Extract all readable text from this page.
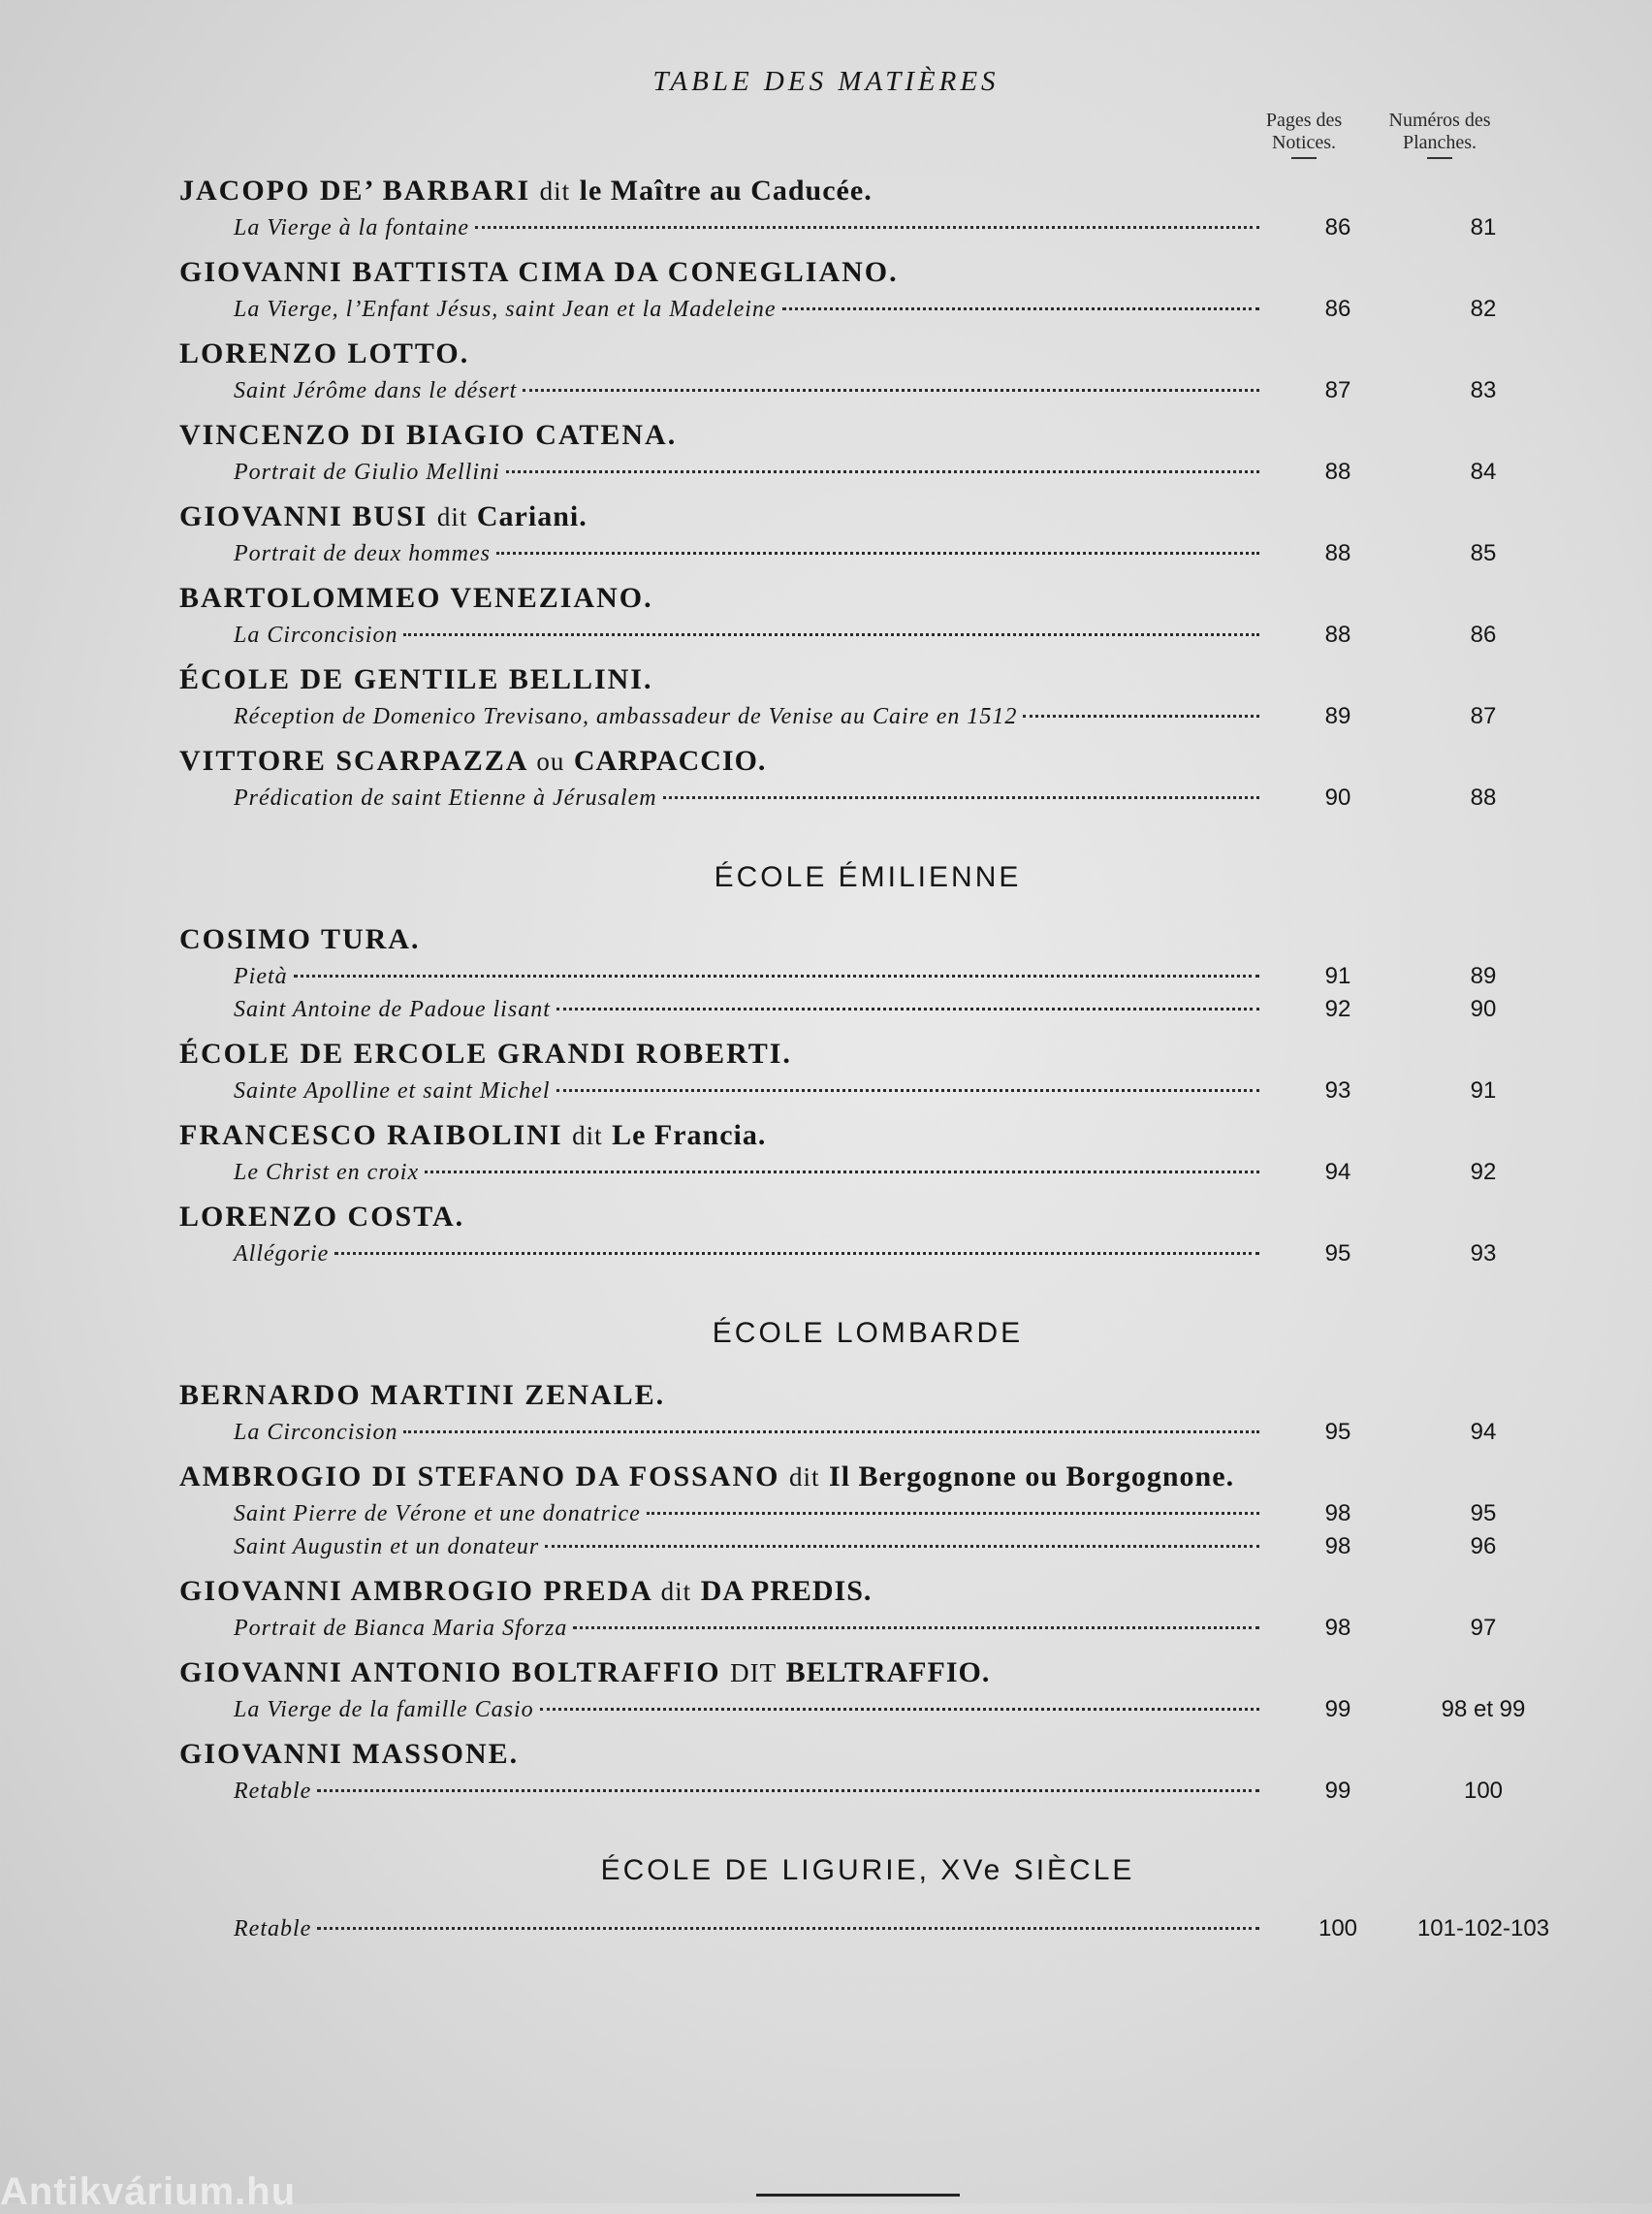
TABLE DES MATIÈRES
Pages des
Notices.
Numéros des
Planches.
JACOPO DE’ BARBARI dit le Maître au Caducée.
La Vierge à la fontaine	86	81
GIOVANNI BATTISTA CIMA DA CONEGLIANO.
La Vierge, l’Enfant Jésus, saint Jean et la Madeleine	86	82
LORENZO LOTTO.
Saint Jérôme dans le désert	87	83
VINCENZO DI BIAGIO CATENA.
Portrait de Giulio Mellini	88	84
GIOVANNI BUSI dit Cariani.
Portrait de deux hommes	88	85
BARTOLOMMEO VENEZIANO.
La Circoncision	88	86
ÉCOLE DE GENTILE BELLINI.
Réception de Domenico Trevisano, ambassadeur de Venise au Caire en 1512	89	87
VITTORE SCARPAZZA ou CARPACCIO.
Prédication de saint Etienne à Jérusalem	90	88
ÉCOLE ÉMILIENNE
COSIMO TURA.
Pietà	91	89
Saint Antoine de Padoue lisant	92	90
ÉCOLE DE ERCOLE GRANDI ROBERTI.
Sainte Apolline et saint Michel	93	91
FRANCESCO RAIBOLINI dit Le Francia.
Le Christ en croix	94	92
LORENZO COSTA.
Allégorie	95	93
ÉCOLE LOMBARDE
BERNARDO MARTINI ZENALE.
La Circoncision	95	94
AMBROGIO DI STEFANO DA FOSSANO dit Il Bergognone ou Borgognone.
Saint Pierre de Vérone et une donatrice	98	95
Saint Augustin et un donateur	98	96
GIOVANNI AMBROGIO PREDA dit DA PREDIS.
Portrait de Bianca Maria Sforza	98	97
GIOVANNI ANTONIO BOLTRAFFIO DIT BELTRAFFIO.
La Vierge de la famille Casio	99	98 et 99
GIOVANNI MASSONE.
Retable	99	100
ÉCOLE DE LIGURIE, XVe SIÈCLE
Retable	100	101-102-103
Antikvárium.hu
